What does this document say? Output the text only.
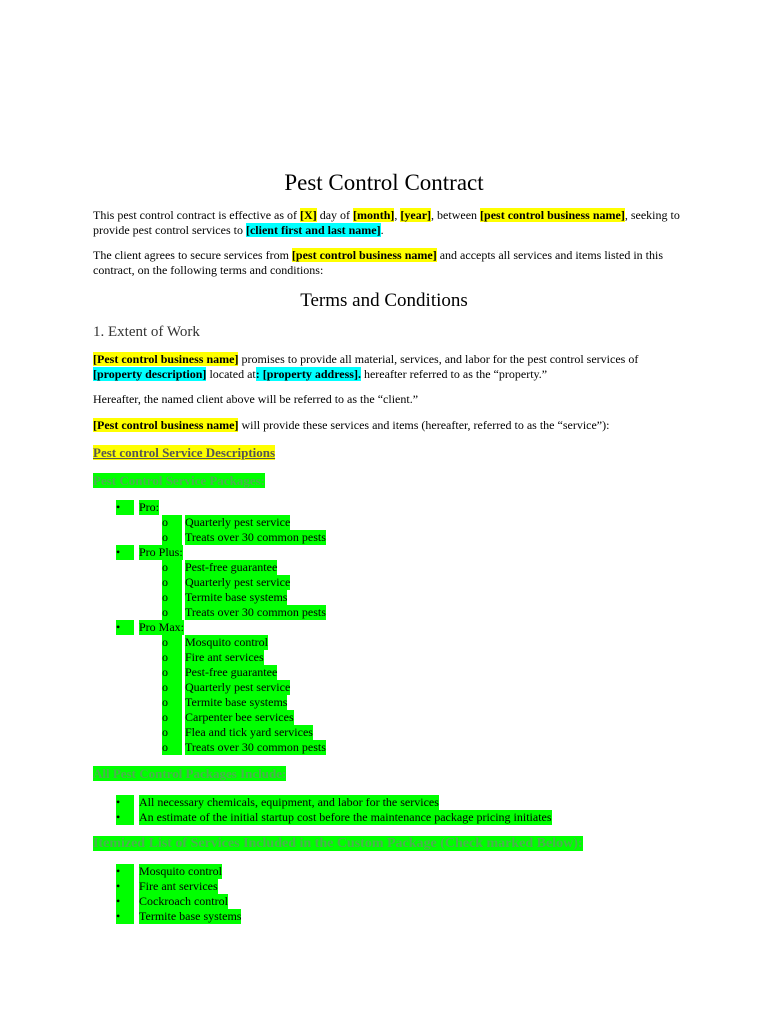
Pest Control Contract
This pest control contract is effective as of [X] day of [month], [year], between [pest control business name], seeking to provide pest control services to [client first and last name].
The client agrees to secure services from [pest control business name] and accepts all services and items listed in this contract, on the following terms and conditions:
Terms and Conditions
1. Extent of Work
[Pest control business name] promises to provide all material, services, and labor for the pest control services of [property description] located at: [property address]. hereafter referred to as the “property.”
Hereafter, the named client above will be referred to as the “client.”
[Pest control business name] will provide these services and items (hereafter, referred to as the “service”):
Pest control Service Descriptions
Pest Control Service Packages:
•	Pro:
o	Quarterly pest service
o	Treats over 30 common pests
•	Pro Plus:
o	Pest-free guarantee
o	Quarterly pest service
o	Termite base systems
o	Treats over 30 common pests
•	Pro Max:
o	Mosquito control
o	Fire ant services
o	Pest-free guarantee
o	Quarterly pest service
o	Termite base systems
o	Carpenter bee services
o	Flea and tick yard services
o	Treats over 30 common pests
All Pest Control Packages Include:
•	All necessary chemicals, equipment, and labor for the services
•	An estimate of the initial startup cost before the maintenance package pricing initiates
Itemized List of Services Included in the Custom Package (Check marked Below):
•	Mosquito control
•	Fire ant services
•	Cockroach control
•	Termite base systems
